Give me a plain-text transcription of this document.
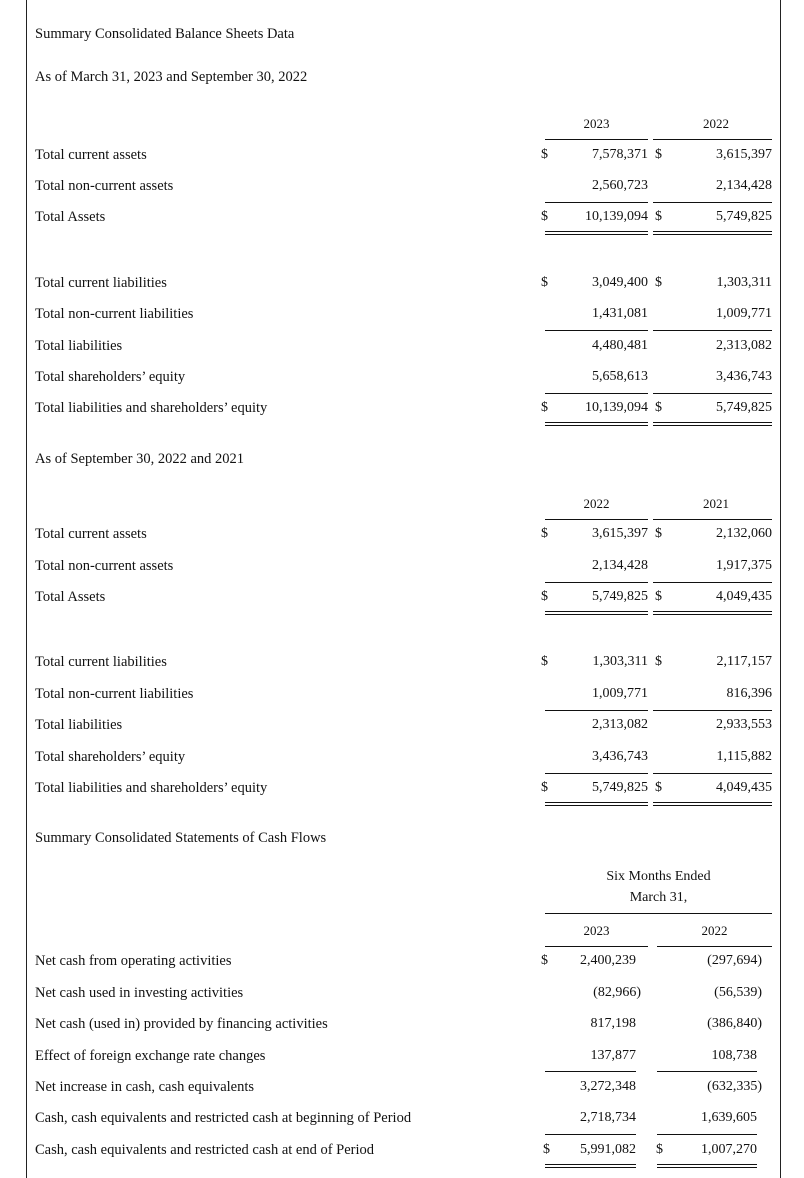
Summary Consolidated Balance Sheets Data
As of March 31, 2023 and September 30, 2022
2023	2022
Total current assets	$	7,578,371 $	3,615,397
Total non-current assets	2,560,723	2,134,428
Total Assets	$	10,139,094 $	5,749,825
Total current liabilities	$	3,049,400 $	1,303,311
Total non-current liabilities	1,431,081	1,009,771
Total liabilities	4,480,481	2,313,082
Total shareholders’ equity	5,658,613	3,436,743
Total liabilities and shareholders’ equity	$	10,139,094 $	5,749,825
As of September 30, 2022 and 2021
2022	2021
Total current assets	$	3,615,397 $	2,132,060
Total non-current assets	2,134,428	1,917,375
Total Assets	$	5,749,825 $	4,049,435
Total current liabilities	$	1,303,311 $	2,117,157
Total non-current liabilities	1,009,771	816,396
Total liabilities	2,313,082	2,933,553
Total shareholders’ equity	3,436,743	1,115,882
Total liabilities and shareholders’ equity	$	5,749,825 $	4,049,435
Summary Consolidated Statements of Cash Flows
Six Months Ended
March 31,
2023	2022
Net cash from operating activities	$	2,400,239	(297,694)
Net cash used in investing activities	(82,966)	(56,539)
Net cash (used in) provided by financing activities	817,198	(386,840)
Effect of foreign exchange rate changes	137,877	108,738
Net increase in cash, cash equivalents	3,272,348	(632,335)
Cash, cash equivalents and restricted cash at beginning of Period	2,718,734	1,639,605
Cash, cash equivalents and restricted cash at end of Period	$	5,991,082 $	1,007,270
